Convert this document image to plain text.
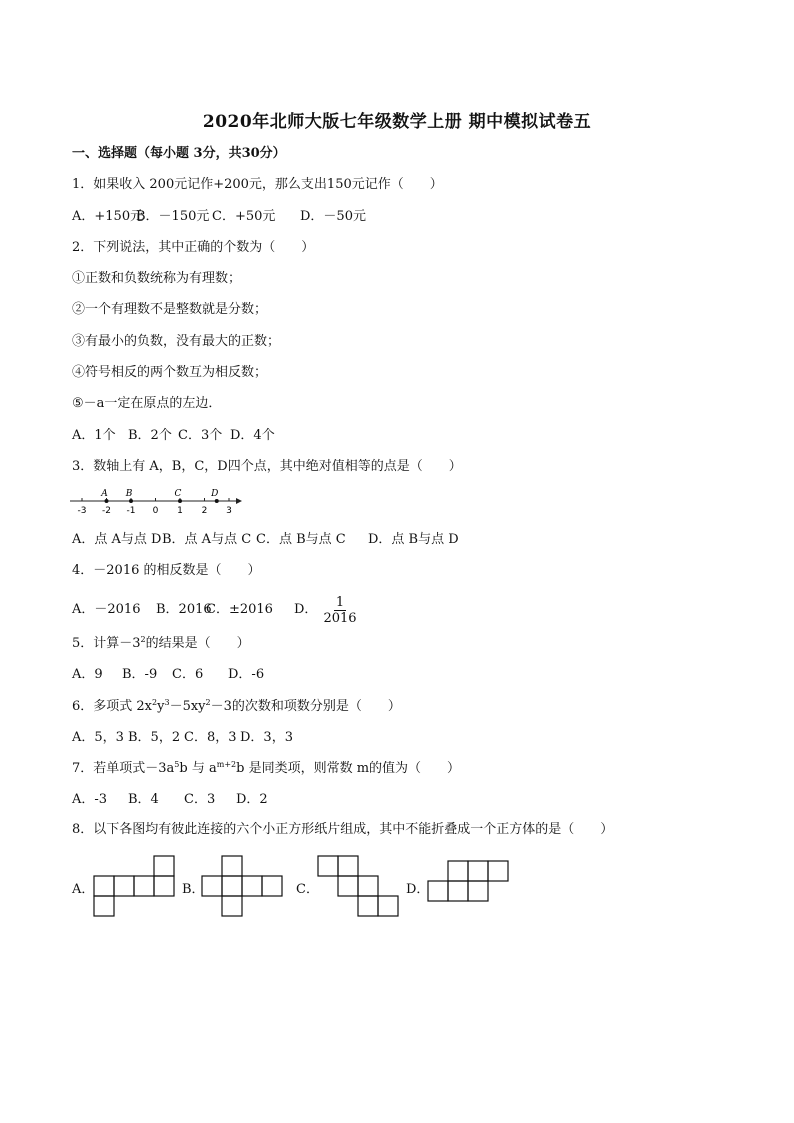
2020年北师大版七年级数学上册 期中模拟试卷五
一、选择题（每小题 3分，共30分）
1．如果收入 200元记作+200元，那么支出150元记作（　　）
A．+150元B．－150元 C．+50元 D．－50元
2．下列说法，其中正确的个数为（　　）
①正数和负数统称为有理数；
②一个有理数不是整数就是分数；
③有最小的负数，没有最大的正数；
④符号相反的两个数互为相反数；
⑤－a一定在原点的左边．
A．1个 B．2个 C．3个 D．4个
3．数轴上有 A，B，C，D四个点，其中绝对值相等的点是（　　）
-3 -2 -1 0 1 2 3
A B	C	D
A．点 A与点 DB．点 A与点 C C．点 B与点 C D．点 B与点 D
4．－2016 的相反数是（　　）
A．－2016	B．2016
C．±2016	D． $\frac{1}{2016}$
5．计算$-3^2$的结果是（　　）
A．9 B．-9 C．6 D．-6
6．多项式 $2x^2y^3-5xy^2-3$的次数和项数分别是（　　）
A．5，3 B．5，2 C．8，3 D．3，3
7．若单项式$-3a^5b$ 与 $a^{m+2}b$ 是同类项，则常数 m的值为（　　）
A．-3 B．4 C．3 D．2
8．以下各图均有彼此连接的六个小正方形纸片组成，其中不能折叠成一个正方体的是（　　）
A．	B．	C．	D．
